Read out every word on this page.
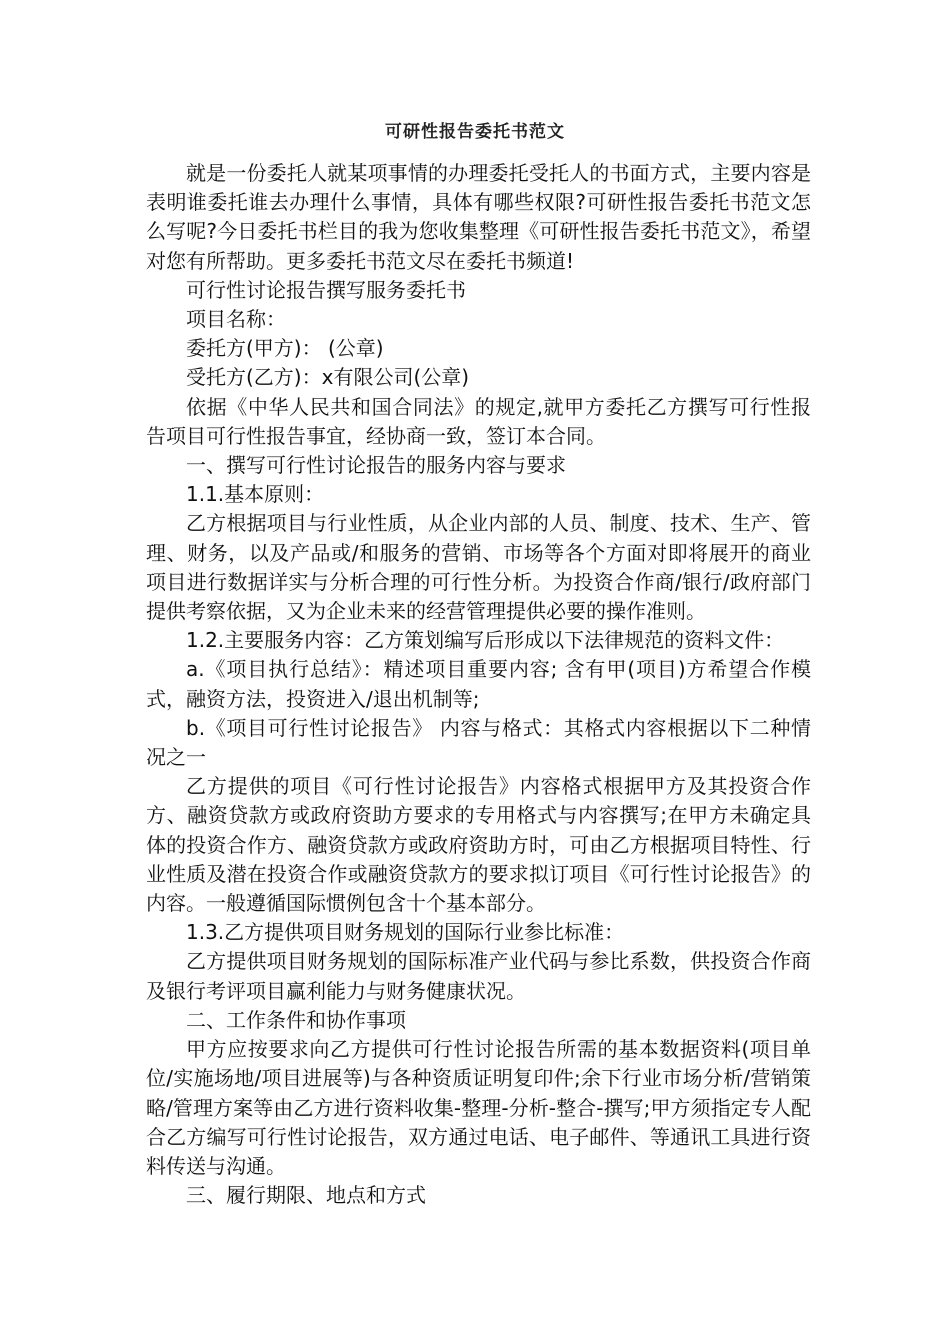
可研性报告委托书范文

就是一份委托人就某项事情的办理委托受托人的书面方式，主要内容是表明谁委托谁去办理什么事情，具体有哪些权限?可研性报告委托书范文怎么写呢?今日委托书栏目的我为您收集整理《可研性报告委托书范文》，希望对您有所帮助。更多委托书范文尽在委托书频道!

可行性讨论报告撰写服务委托书

项目名称：

委托方(甲方)： (公章)

受托方(乙方)：x有限公司(公章)

依据《中华人民共和国合同法》的规定,就甲方委托乙方撰写可行性报告项目可行性报告事宜，经协商一致，签订本合同。

一、撰写可行性讨论报告的服务内容与要求

1.1.基本原则：

乙方根据项目与行业性质，从企业内部的人员、制度、技术、生产、管理、财务，以及产品或/和服务的营销、市场等各个方面对即将展开的商业项目进行数据详实与分析合理的可行性分析。为投资合作商/银行/政府部门提供考察依据，又为企业未来的经营管理提供必要的操作准则。

1.2.主要服务内容：乙方策划编写后形成以下法律规范的资料文件：

a.《项目执行总结》：精述项目重要内容; 含有甲(项目)方希望合作模式，融资方法，投资进入/退出机制等;

b.《项目可行性讨论报告》 内容与格式：其格式内容根据以下二种情况之一

乙方提供的项目《可行性讨论报告》内容格式根据甲方及其投资合作方、融资贷款方或政府资助方要求的专用格式与内容撰写;在甲方未确定具体的投资合作方、融资贷款方或政府资助方时，可由乙方根据项目特性、行业性质及潜在投资合作或融资贷款方的要求拟订项目《可行性讨论报告》的内容。一般遵循国际惯例包含十个基本部分。

1.3.乙方提供项目财务规划的国际行业参比标准：

乙方提供项目财务规划的国际标准产业代码与参比系数，供投资合作商及银行考评项目赢利能力与财务健康状况。

二、工作条件和协作事项

甲方应按要求向乙方提供可行性讨论报告所需的基本数据资料(项目单位/实施场地/项目进展等)与各种资质证明复印件;余下行业市场分析/营销策略/管理方案等由乙方进行资料收集-整理-分析-整合-撰写;甲方须指定专人配合乙方编写可行性讨论报告，双方通过电话、电子邮件、等通讯工具进行资料传送与沟通。

三、履行期限、地点和方式
